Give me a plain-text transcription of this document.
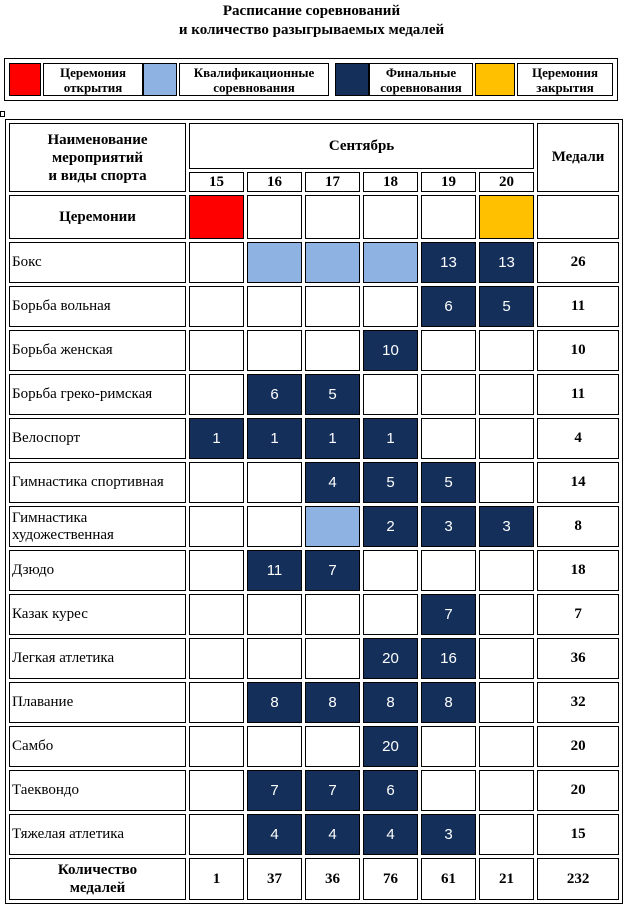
Расписание соревнований
и количество разыгрываемых медалей
Церемония
открытия
Квалификационные
соревнования
Финальные
соревнования
Церемония
закрытия
Наименование
мероприятий
и виды спорта	Сентябрь						Медали
	15	16	17	18	19	20	
Церемонии							
Бокс					13	13	26
Борьба вольная					6	5	11
Борьба женская				10			10
Борьба греко-римская		6	5				11
Велоспорт	1	1	1	1			4
Гимнастика спортивная			4	5	5		14
Гимнастика художественная				2	3	3	8
Дзюдо		11	7				18
Казак курес					7		7
Легкая атлетика				20	16		36
Плавание		8	8	8	8		32
Самбо				20			20
Таеквондо		7	7	6			20
Тяжелая атлетика		4	4	4	3		15
Количество
медалей	1	37	36	76	61	21	232
